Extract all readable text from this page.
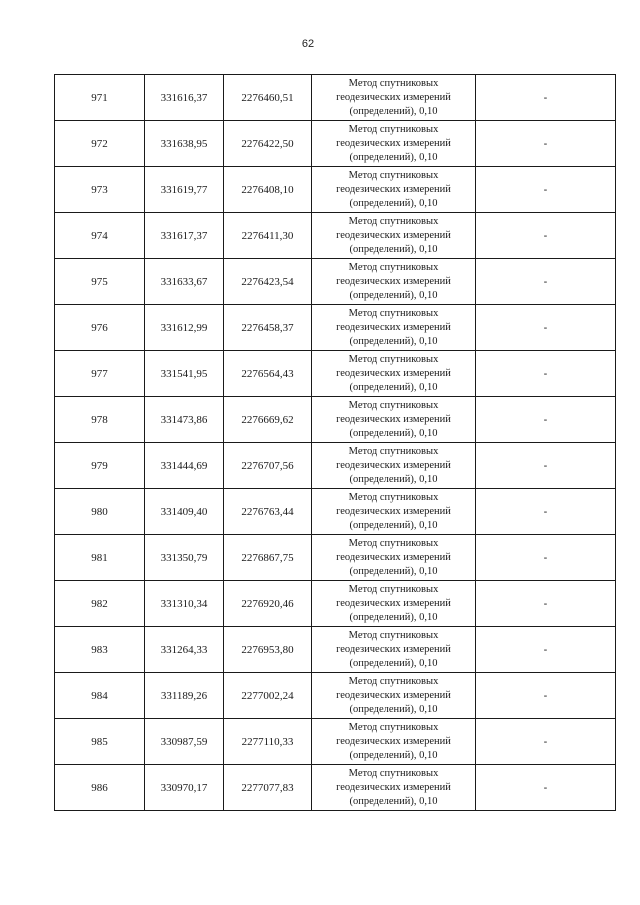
62
971	331616,37	2276460,51	Метод спутниковых
геодезических измерений
(определений), 0,10	-
972	331638,95	2276422,50	Метод спутниковых
геодезических измерений
(определений), 0,10	-
973	331619,77	2276408,10	Метод спутниковых
геодезических измерений
(определений), 0,10	-
974	331617,37	2276411,30	Метод спутниковых
геодезических измерений
(определений), 0,10	-
975	331633,67	2276423,54	Метод спутниковых
геодезических измерений
(определений), 0,10	-
976	331612,99	2276458,37	Метод спутниковых
геодезических измерений
(определений), 0,10	-
977	331541,95	2276564,43	Метод спутниковых
геодезических измерений
(определений), 0,10	-
978	331473,86	2276669,62	Метод спутниковых
геодезических измерений
(определений), 0,10	-
979	331444,69	2276707,56	Метод спутниковых
геодезических измерений
(определений), 0,10	-
980	331409,40	2276763,44	Метод спутниковых
геодезических измерений
(определений), 0,10	-
981	331350,79	2276867,75	Метод спутниковых
геодезических измерений
(определений), 0,10	-
982	331310,34	2276920,46	Метод спутниковых
геодезических измерений
(определений), 0,10	-
983	331264,33	2276953,80	Метод спутниковых
геодезических измерений
(определений), 0,10	-
984	331189,26	2277002,24	Метод спутниковых
геодезических измерений
(определений), 0,10	-
985	330987,59	2277110,33	Метод спутниковых
геодезических измерений
(определений), 0,10	-
986	330970,17	2277077,83	Метод спутниковых
геодезических измерений
(определений), 0,10	-
